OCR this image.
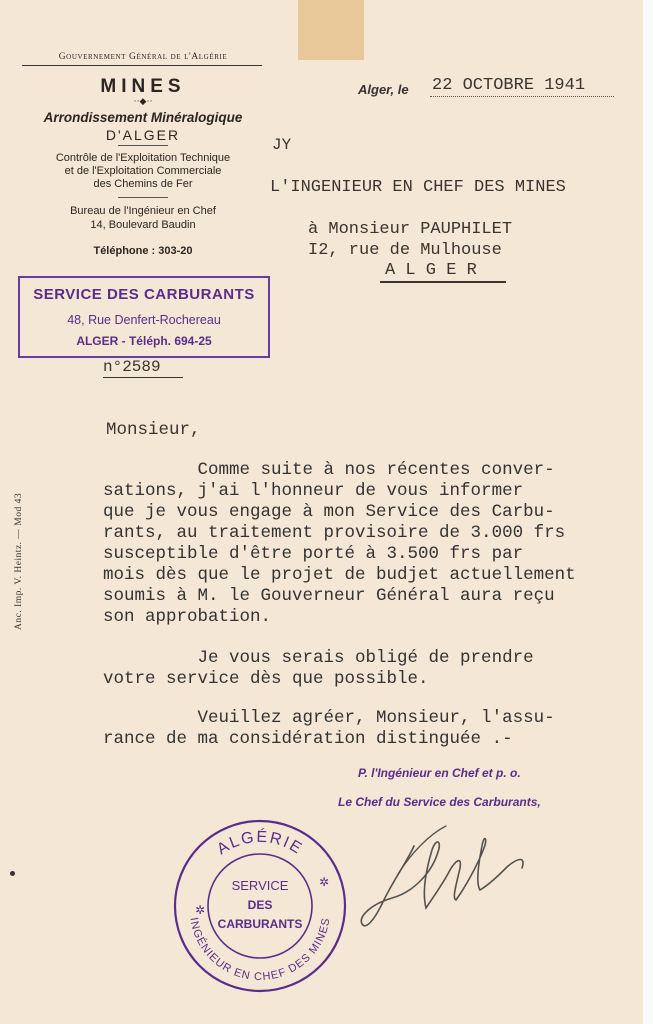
Gouvernement Général de l'Algérie
MINES
··◆··
Arrondissement Minéralogique
D'ALGER
Contrôle de l'Exploitation Technique
et de l'Exploitation Commerciale
des Chemins de Fer
Bureau de l'Ingénieur en Chef
14, Boulevard Baudin
Téléphone : 303-20
SERVICE DES CARBURANTS
48, Rue Denfert-Rochereau
ALGER - Téléph. 694-25
n°2589
Alger, le 22 OCTOBRE 1941
JY
L'INGENIEUR EN CHEF DES MINES
à Monsieur PAUPHILET
I2, rue de Mulhouse
A L G E R
Monsieur,
Comme suite à nos récentes conver-
sations, j'ai l'honneur de vous informer
que je vous engage à mon Service des Carbu-
rants, au traitement provisoire de 3.000 frs
susceptible d'être porté à 3.500 frs par
mois dès que le projet de budjet actuellement
soumis à M. le Gouverneur Général aura reçu
son approbation.
Je vous serais obligé de prendre
votre service dès que possible.
Veuillez agréer, Monsieur, l'assu-
rance de ma considération distinguée .-
P. l'Ingénieur en Chef et p. o.
Le Chef du Service des Carburants,
ALGÉRIE
INGÉNIEUR EN CHEF DES MINES
SERVICE
DES
CARBURANTS
✲
✲
Anc. Imp. V. Heintz. — Mod 43
